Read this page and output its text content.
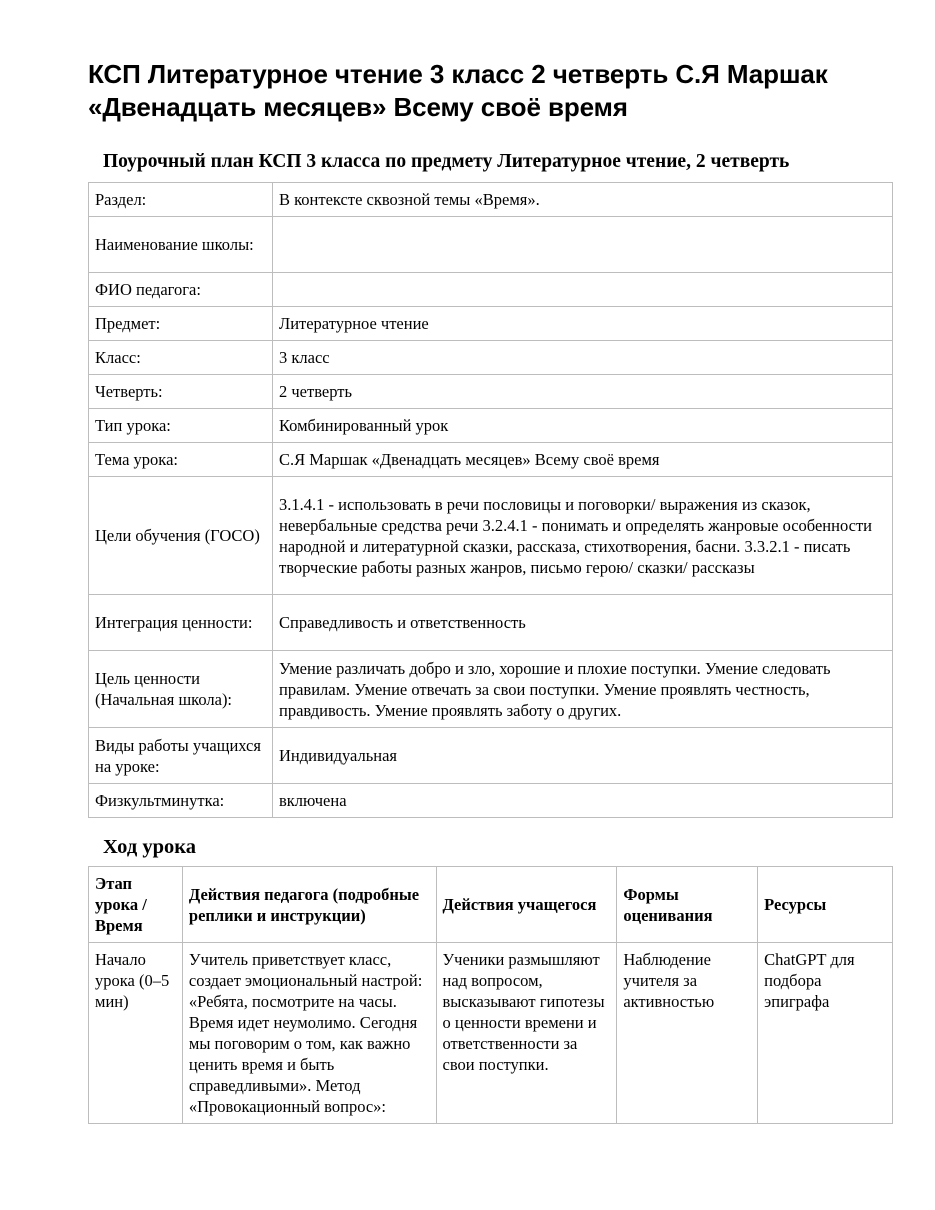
КСП Литературное чтение 3 класс 2 четверть С.Я Маршак «Двенадцать месяцев» Всему своё время
Поурочный план КСП 3 класса по предмету Литературное чтение, 2 четверть
Раздел:	В контексте сквозной темы «Время».
Наименование школы:	
ФИО педагога:	
Предмет:	Литературное чтение
Класс:	3 класс
Четверть:	2 четверть
Тип урока:	Комбинированный урок
Тема урока:	С.Я Маршак «Двенадцать месяцев» Всему своё время
Цели обучения (ГОСО)	3.1.4.1 - использовать в речи пословицы и поговорки/ выражения из сказок, невербальные средства речи 3.2.4.1 - понимать и определять жанровые особенности народной и литературной сказки, рассказа, стихотворения, басни. 3.3.2.1 - писать творческие работы разных жанров, письмо герою/ сказки/ рассказы
Интеграция ценности:	Справедливость и ответственность
Цель ценности (Начальная школа):	Умение различать добро и зло, хорошие и плохие поступки. Умение следовать правилам. Умение отвечать за свои поступки. Умение проявлять честность, правдивость. Умение проявлять заботу о других.
Виды работы учащихся на уроке:	Индивидуальная
Физкультминутка:	включена
Ход урока
Этап урока / Время	Действия педагога (подробные реплики и инструкции)	Действия учащегося	Формы оценивания	Ресурсы
Начало урока (0–5 мин)	Учитель приветствует класс, создает эмоциональный настрой: «Ребята, посмотрите на часы. Время идет неумолимо. Сегодня мы поговорим о том, как важно ценить время и быть справедливыми». Метод «Провокационный вопрос»:	Ученики размышляют над вопросом, высказывают гипотезы о ценности времени и ответственности за свои поступки.	Наблюдение учителя за активностью	ChatGPT для подбора эпиграфа
